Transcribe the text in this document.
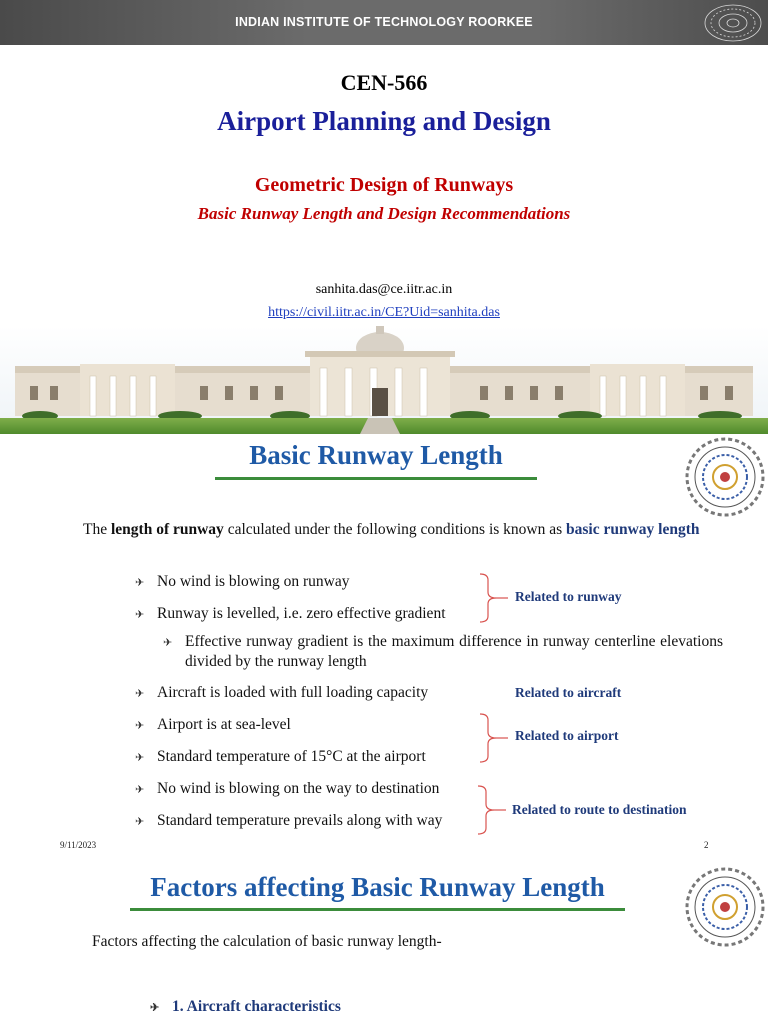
INDIAN INSTITUTE OF TECHNOLOGY ROORKEE
CEN-566
Airport Planning and Design
Geometric Design of Runways
Basic Runway Length and Design Recommendations
sanhita.das@ce.iitr.ac.in
https://civil.iitr.ac.in/CE?Uid=sanhita.das
Basic Runway Length
The length of runway calculated under the following conditions is known as basic runway length
✈ No wind is blowing on runway
✈ Runway is levelled, i.e. zero effective gradient
✈ Effective runway gradient is the maximum difference in runway centerline elevations divided by the runway length
✈ Aircraft is loaded with full loading capacity
✈ Airport is at sea-level
✈ Standard temperature of 15°C at the airport
✈ No wind is blowing on the way to destination
✈ Standard temperature prevails along with way
Related to runway
Related to aircraft
Related to airport
Related to route to destination
9/11/2023	2
Factors affecting Basic Runway Length
Factors affecting the calculation of basic runway length-
✈ 1. Aircraft characteristics
